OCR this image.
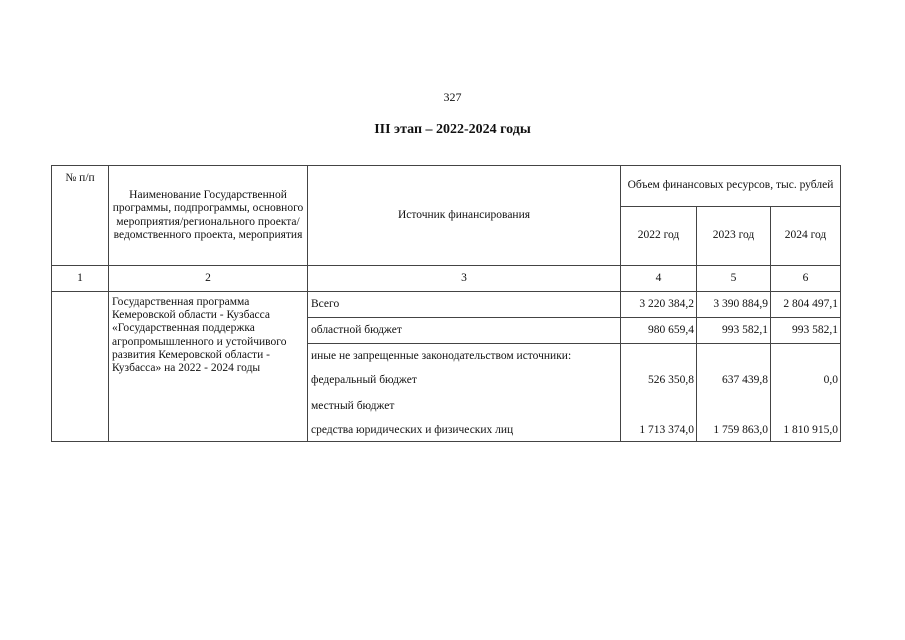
327
III этап – 2022-2024 годы
№ п/п	Наименование Государственной программы, подпрограммы, основного мероприятия/регионального проекта/ведомственного проекта, мероприятия	Источник финансирования	Объем финансовых ресурсов, тыс. рублей		
			2022 год	2023 год	2024 год
1	2	3	4	5	6
	Государственная программа Кемеровской области - Кузбасса «Государственная поддержка агропромышленного и устойчивого развития Кемеровской области - Кузбасса» на 2022 - 2024 годы	Всего	3 220 384,2	3 390 884,9	2 804 497,1
		областной бюджет	980 659,4	993 582,1	993 582,1
		иные не запрещенные законодательством источники:			
		федеральный бюджет	526 350,8	637 439,8	0,0
		местный бюджет			
		средства юридических и физических лиц	1 713 374,0	1 759 863,0	1 810 915,0
